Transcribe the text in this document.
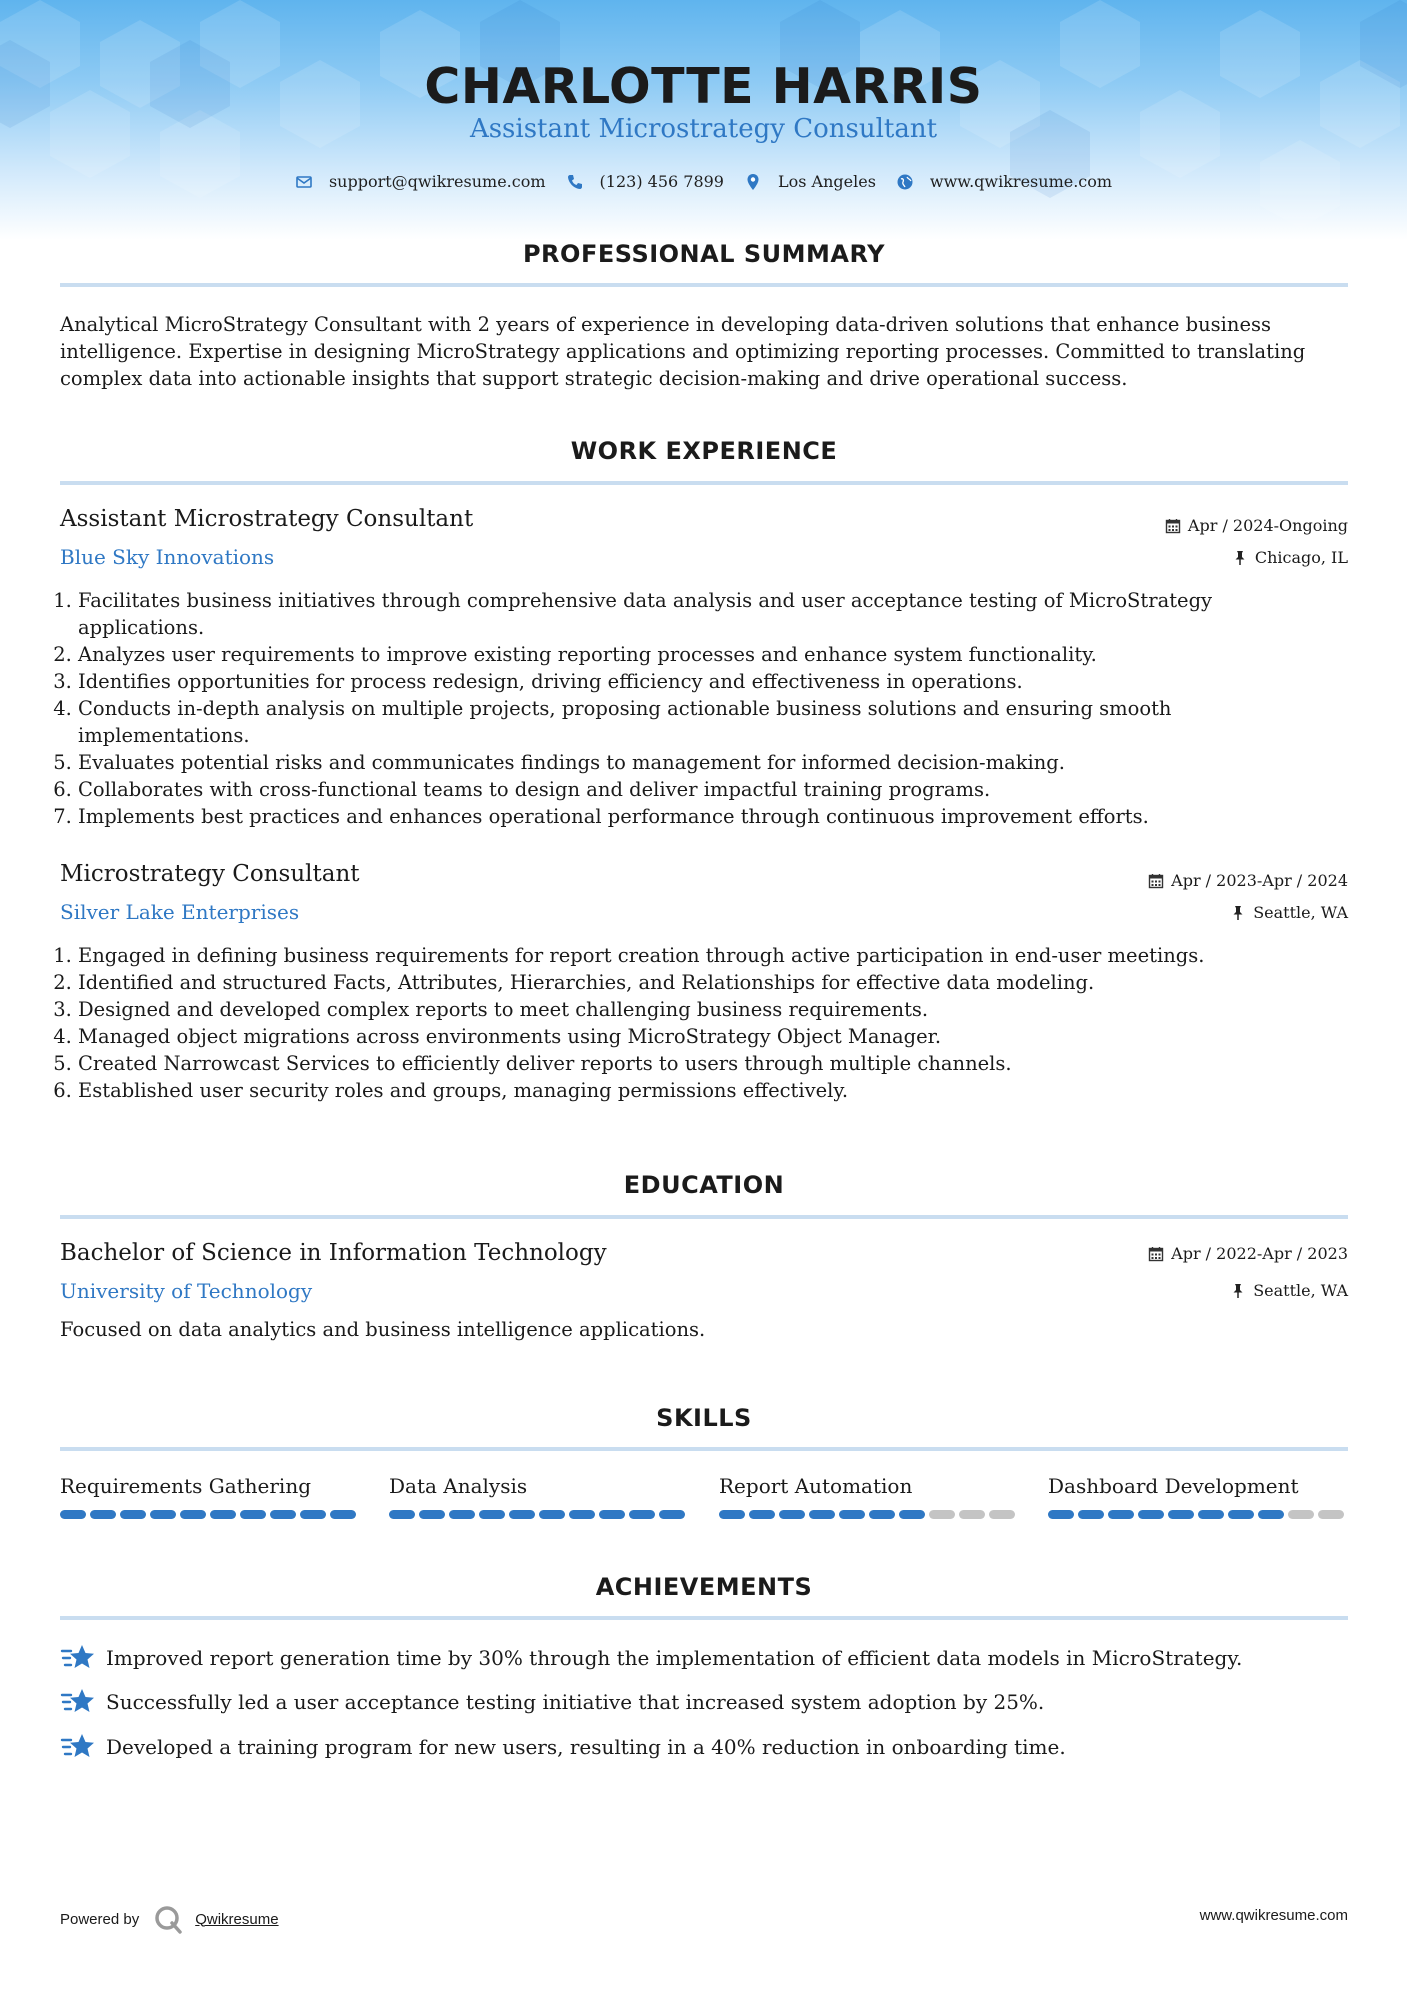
CHARLOTTE HARRIS
Assistant Microstrategy Consultant
support@qwikresume.com	(123) 456 7899	Los Angeles	www.qwikresume.com
PROFESSIONAL SUMMARY
Analytical MicroStrategy Consultant with 2 years of experience in developing data-driven solutions that enhance business intelligence. Expertise in designing MicroStrategy applications and optimizing reporting processes. Committed to translating complex data into actionable insights that support strategic decision-making and drive operational success.
WORK EXPERIENCE
Assistant Microstrategy Consultant
Blue Sky Innovations
Apr / 2024-Ongoing
Chicago, IL
1. Facilitates business initiatives through comprehensive data analysis and user acceptance testing of MicroStrategy applications.
2. Analyzes user requirements to improve existing reporting processes and enhance system functionality.
3. Identifies opportunities for process redesign, driving efficiency and effectiveness in operations.
4. Conducts in-depth analysis on multiple projects, proposing actionable business solutions and ensuring smooth implementations.
5. Evaluates potential risks and communicates findings to management for informed decision-making.
6. Collaborates with cross-functional teams to design and deliver impactful training programs.
7. Implements best practices and enhances operational performance through continuous improvement efforts.
Microstrategy Consultant
Silver Lake Enterprises
Apr / 2023-Apr / 2024
Seattle, WA
1. Engaged in defining business requirements for report creation through active participation in end-user meetings.
2. Identified and structured Facts, Attributes, Hierarchies, and Relationships for effective data modeling.
3. Designed and developed complex reports to meet challenging business requirements.
4. Managed object migrations across environments using MicroStrategy Object Manager.
5. Created Narrowcast Services to efficiently deliver reports to users through multiple channels.
6. Established user security roles and groups, managing permissions effectively.
EDUCATION
Bachelor of Science in Information Technology
University of Technology
Apr / 2022-Apr / 2023
Seattle, WA
Focused on data analytics and business intelligence applications.
SKILLS
Requirements Gathering	Data Analysis	Report Automation	Dashboard Development
ACHIEVEMENTS
Improved report generation time by 30% through the implementation of efficient data models in MicroStrategy.
Successfully led a user acceptance testing initiative that increased system adoption by 25%.
Developed a training program for new users, resulting in a 40% reduction in onboarding time.
Powered by	Qwikresume	www.qwikresume.com
